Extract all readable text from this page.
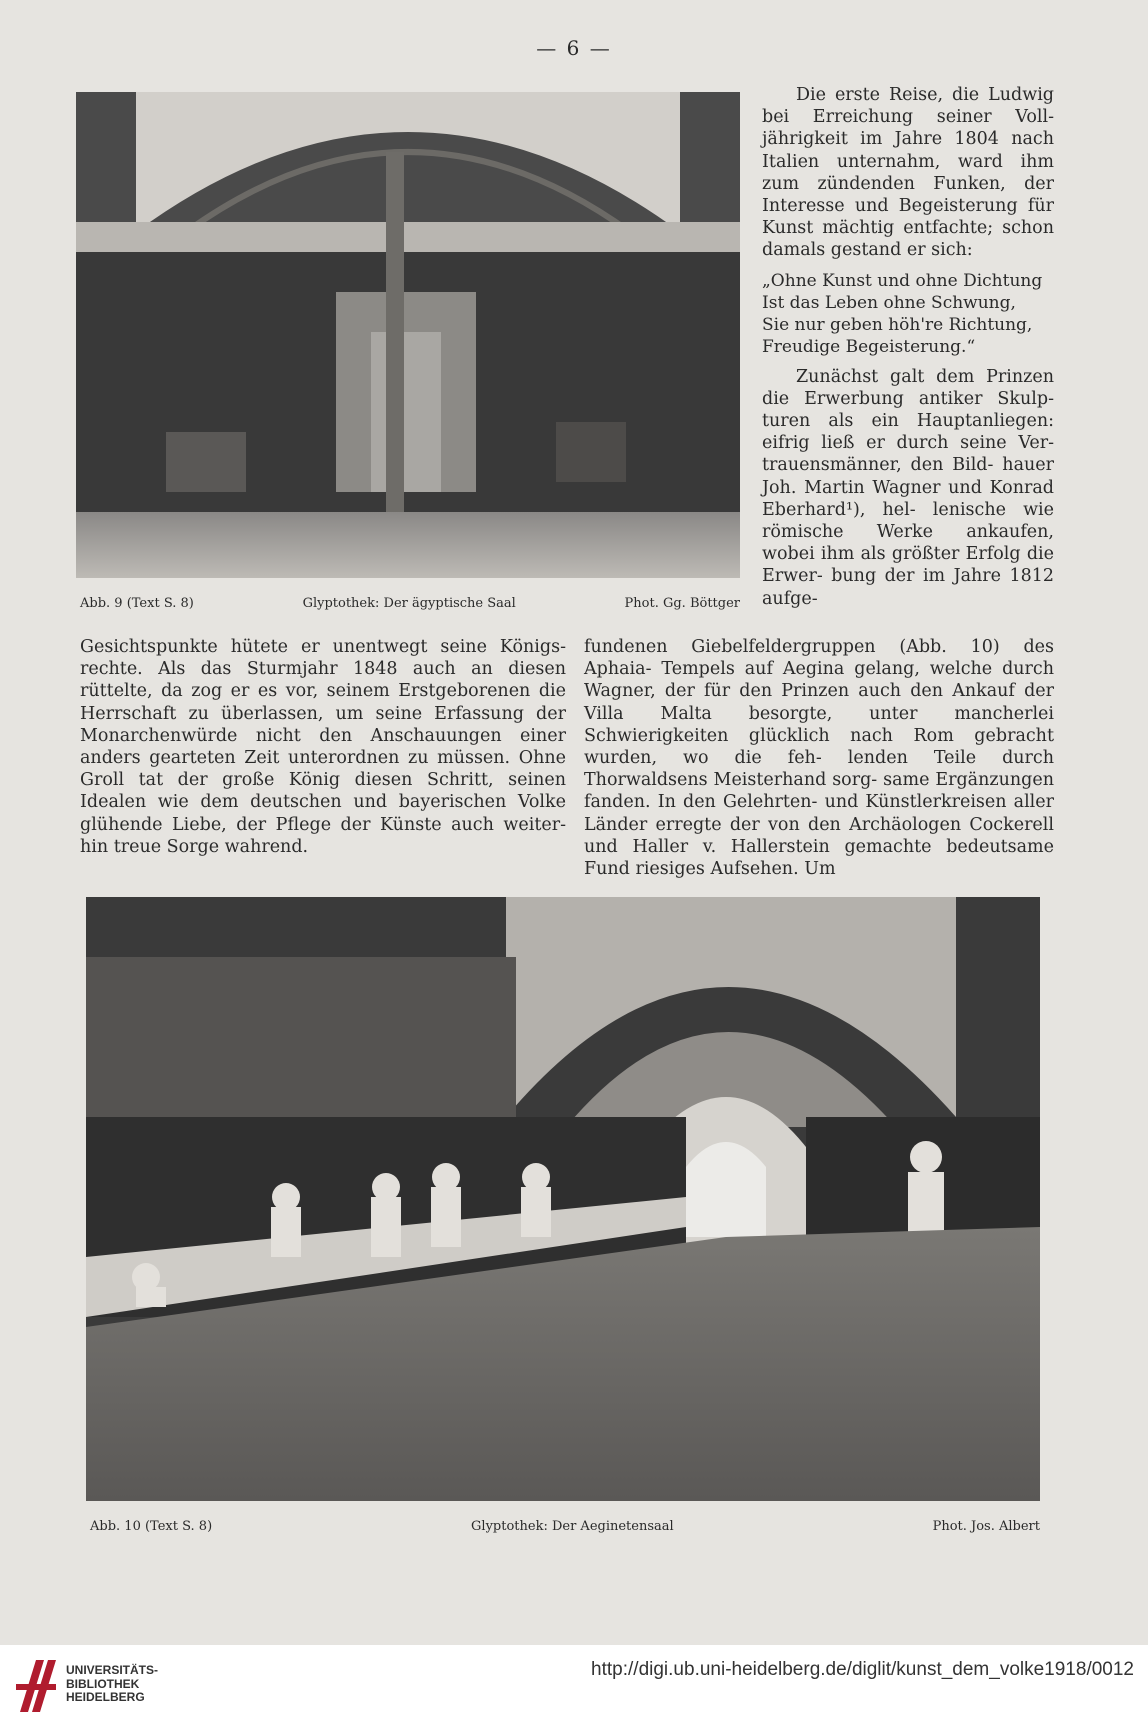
— 6 —
Abb. 9 (Text S. 8)	Glyptothek: Der ägyptische Saal	Phot. Gg. Böttger

Die erste Reise, die Ludwig bei Erreichung seiner Voll- jährigkeit im Jahre 1804 nach Italien unternahm, ward ihm zum zündenden Funken, der Interesse und Begeisterung für Kunst mächtig entfachte; schon damals gestand er sich:

„Ohne Kunst und ohne Dichtung
Ist das Leben ohne Schwung,
Sie nur geben höh're Richtung,
Freudige Begeisterung.“

Zunächst galt dem Prinzen die Erwerbung antiker Skulp- turen als ein Hauptanliegen: eifrig ließ er durch seine Ver- trauensmänner, den Bild- hauer Joh. Martin Wagner und Konrad Eberhard¹), hel- lenische wie römische Werke ankaufen, wobei ihm als größter Erfolg die Erwer- bung der im Jahre 1812 aufge-

Gesichtspunkte hütete er unentwegt seine Königs- rechte. Als das Sturmjahr 1848 auch an diesen rüttelte, da zog er es vor, seinem Erstgeborenen die Herrschaft zu überlassen, um seine Erfassung der Monarchenwürde nicht den Anschauungen einer anders gearteten Zeit unterordnen zu müssen. Ohne Groll tat der große König diesen Schritt, seinen Idealen wie dem deutschen und bayerischen Volke glühende Liebe, der Pflege der Künste auch weiter- hin treue Sorge wahrend.

fundenen Giebelfeldergruppen (Abb. 10) des Aphaia- Tempels auf Aegina gelang, welche durch Wagner, der für den Prinzen auch den Ankauf der Villa Malta besorgte, unter mancherlei Schwierigkeiten glücklich nach Rom gebracht wurden, wo die feh- lenden Teile durch Thorwaldsens Meisterhand sorg- same Ergänzungen fanden. In den Gelehrten- und Künstlerkreisen aller Länder erregte der von den Archäologen Cockerell und Haller v. Hallerstein gemachte bedeutsame Fund riesiges Aufsehen. Um

Abb. 10 (Text S. 8)	Glyptothek: Der Aeginetensaal	Phot. Jos. Albert
UNIVERSITÄTS-
BIBLIOTHEK
HEIDELBERG
http://digi.ub.uni-heidelberg.de/diglit/kunst_dem_volke1918/0012
